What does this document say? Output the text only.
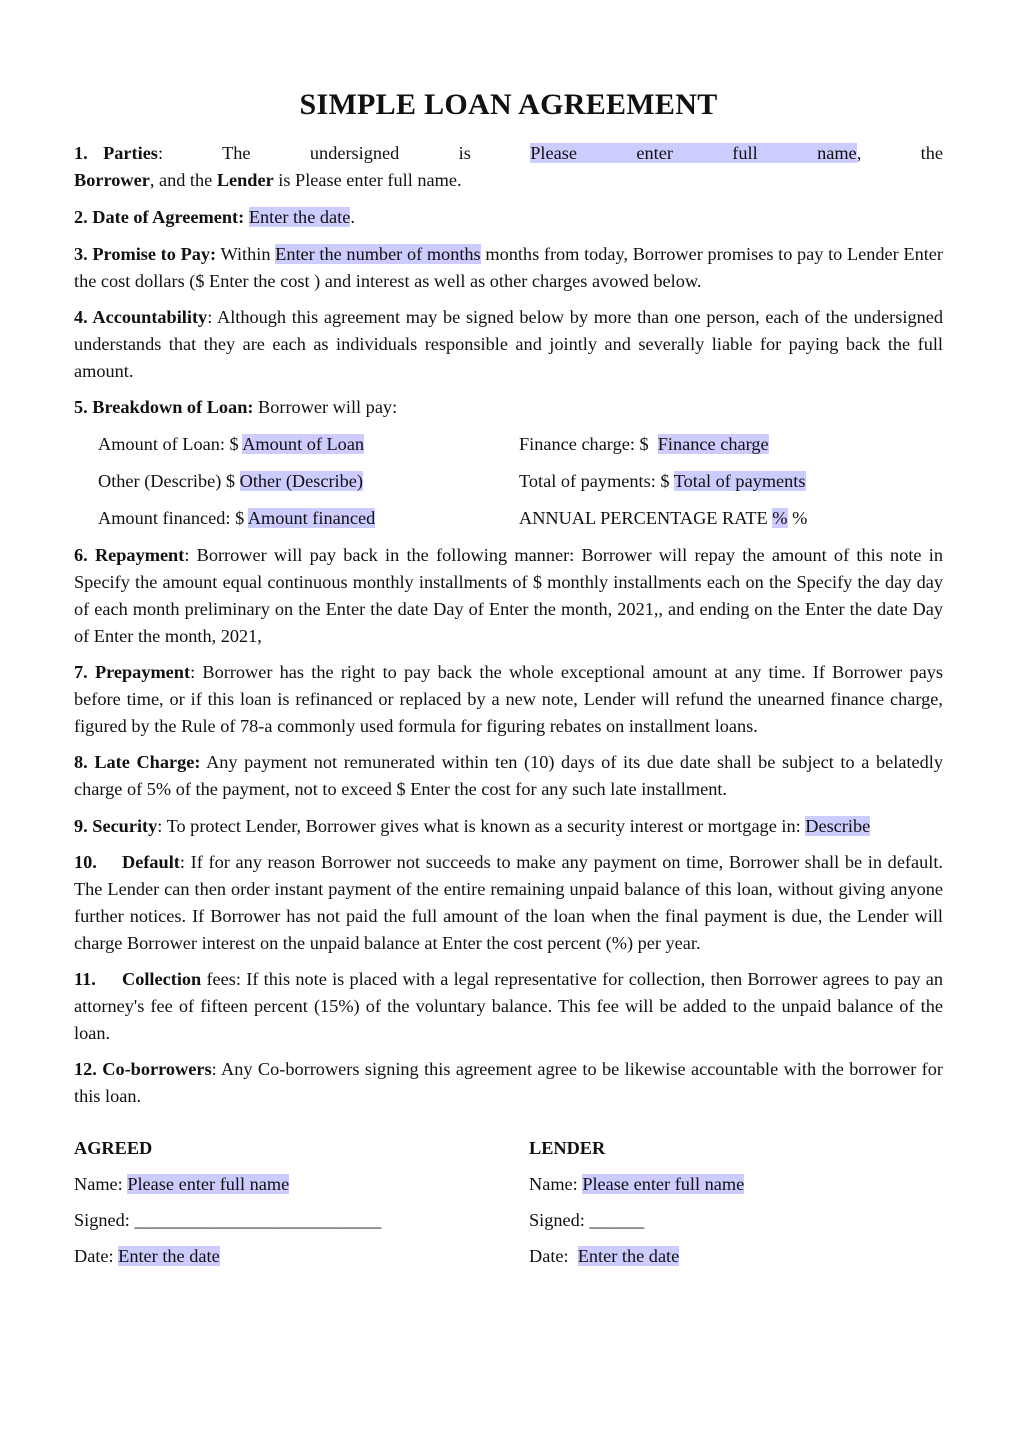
SIMPLE LOAN AGREEMENT

1. Parties: The undersigned is Please enter full name, the Borrower, and the Lender is Please enter full name.

2. Date of Agreement: Enter the date.

3. Promise to Pay: Within Enter the number of months months from today, Borrower promises to pay to Lender Enter the cost dollars ($ Enter the cost ) and interest as well as other charges avowed below.

4. Accountability: Although this agreement may be signed below by more than one person, each of the undersigned understands that they are each as individuals responsible and jointly and severally liable for paying back the full amount.

5. Breakdown of Loan: Borrower will pay:

Amount of Loan: $ Amount of Loan	Finance charge: $  Finance charge
Other (Describe) $ Other (Describe)	Total of payments: $ Total of payments
Amount financed: $ Amount financed	ANNUAL PERCENTAGE RATE % %

6. Repayment: Borrower will pay back in the following manner: Borrower will repay the amount of this note in Specify the amount equal continuous monthly installments of $ monthly installments each on the Specify the day day of each month preliminary on the Enter the date Day of Enter the month, 2021,, and ending on the Enter the date Day of Enter the month, 2021,

7. Prepayment: Borrower has the right to pay back the whole exceptional amount at any time. If Borrower pays before time, or if this loan is refinanced or replaced by a new note, Lender will refund the unearned finance charge, figured by the Rule of 78-a commonly used formula for figuring rebates on installment loans.

8. Late Charge: Any payment not remunerated within ten (10) days of its due date shall be subject to a belatedly charge of 5% of the payment, not to exceed $ Enter the cost for any such late installment.

9. Security: To protect Lender, Borrower gives what is known as a security interest or mortgage in: Describe

10. Default: If for any reason Borrower not succeeds to make any payment on time, Borrower shall be in default. The Lender can then order instant payment of the entire remaining unpaid balance of this loan, without giving anyone further notices. If Borrower has not paid the full amount of the loan when the final payment is due, the Lender will charge Borrower interest on the unpaid balance at Enter the cost percent (%) per year.

11. Collection fees: If this note is placed with a legal representative for collection, then Borrower agrees to pay an attorney's fee of fifteen percent (15%) of the voluntary balance. This fee will be added to the unpaid balance of the loan.

12. Co-borrowers: Any Co-borrowers signing this agreement agree to be likewise accountable with the borrower for this loan.

AGREED
Name: Please enter full name
Signed: ___________________________
Date: Enter the date
LENDER
Name: Please enter full name
Signed: ______
Date:  Enter the date
